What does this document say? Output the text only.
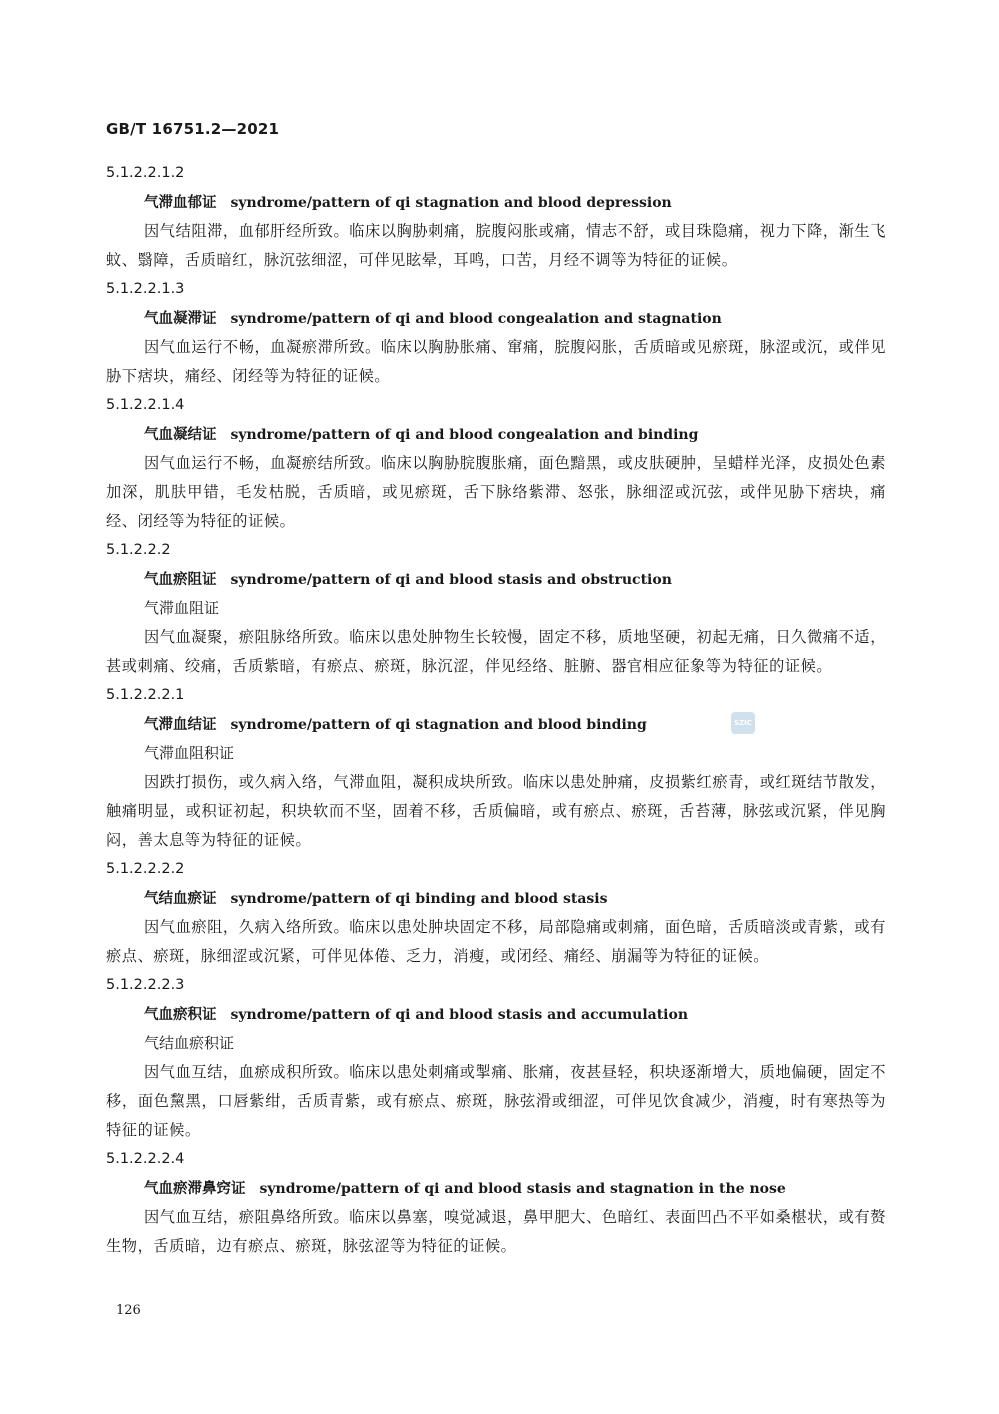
GB/T 16751.2—2021
5.1.2.2.1.2
气滞血郁证 syndrome/pattern of qi stagnation and blood depression

因气结阻滞，血郁肝经所致。临床以胸胁刺痛，脘腹闷胀或痛，情志不舒，或目珠隐痛，视力下降，渐生飞蚊、翳障，舌质暗红，脉沉弦细涩，可伴见眩晕，耳鸣，口苦，月经不调等为特征的证候。

5.1.2.2.1.3
气血凝滞证 syndrome/pattern of qi and blood congealation and stagnation

因气血运行不畅，血凝瘀滞所致。临床以胸胁胀痛、窜痛，脘腹闷胀，舌质暗或见瘀斑，脉涩或沉，或伴见胁下痞块，痛经、闭经等为特征的证候。

5.1.2.2.1.4
气血凝结证 syndrome/pattern of qi and blood congealation and binding

因气血运行不畅，血凝瘀结所致。临床以胸胁脘腹胀痛，面色黯黑，或皮肤硬肿，呈蜡样光泽，皮损处色素加深，肌肤甲错，毛发枯脱，舌质暗，或见瘀斑，舌下脉络紫滞、怒张，脉细涩或沉弦，或伴见胁下痞块，痛经、闭经等为特征的证候。

5.1.2.2.2
气血瘀阻证 syndrome/pattern of qi and blood stasis and obstruction
气滞血阻证

因气血凝聚，瘀阻脉络所致。临床以患处肿物生长较慢，固定不移，质地坚硬，初起无痛，日久微痛不适，甚或刺痛、绞痛，舌质紫暗，有瘀点、瘀斑，脉沉涩，伴见经络、脏腑、器官相应征象等为特征的证候。

5.1.2.2.2.1
气滞血结证 syndrome/pattern of qi stagnation and blood binding
气滞血阻积证

因跌打损伤，或久病入络，气滞血阻，凝积成块所致。临床以患处肿痛，皮损紫红瘀青，或红斑结节散发，触痛明显，或积证初起，积块软而不坚，固着不移，舌质偏暗，或有瘀点、瘀斑，舌苔薄，脉弦或沉紧，伴见胸闷，善太息等为特征的证候。

5.1.2.2.2.2
气结血瘀证 syndrome/pattern of qi binding and blood stasis

因气血瘀阻，久病入络所致。临床以患处肿块固定不移，局部隐痛或刺痛，面色暗，舌质暗淡或青紫，或有瘀点、瘀斑，脉细涩或沉紧，可伴见体倦、乏力，消瘦，或闭经、痛经、崩漏等为特征的证候。

5.1.2.2.2.3
气血瘀积证 syndrome/pattern of qi and blood stasis and accumulation
气结血瘀积证

因气血互结，血瘀成积所致。临床以患处刺痛或掣痛、胀痛，夜甚昼轻，积块逐渐增大，质地偏硬，固定不移，面色黧黑，口唇紫绀，舌质青紫，或有瘀点、瘀斑，脉弦滑或细涩，可伴见饮食减少，消瘦，时有寒热等为特征的证候。

5.1.2.2.2.4
气血瘀滞鼻窍证 syndrome/pattern of qi and blood stasis and stagnation in the nose

因气血互结，瘀阻鼻络所致。临床以鼻塞，嗅觉减退，鼻甲肥大、色暗红、表面凹凸不平如桑椹状，或有赘生物，舌质暗，边有瘀点、瘀斑，脉弦涩等为特征的证候。

SZIC
126
